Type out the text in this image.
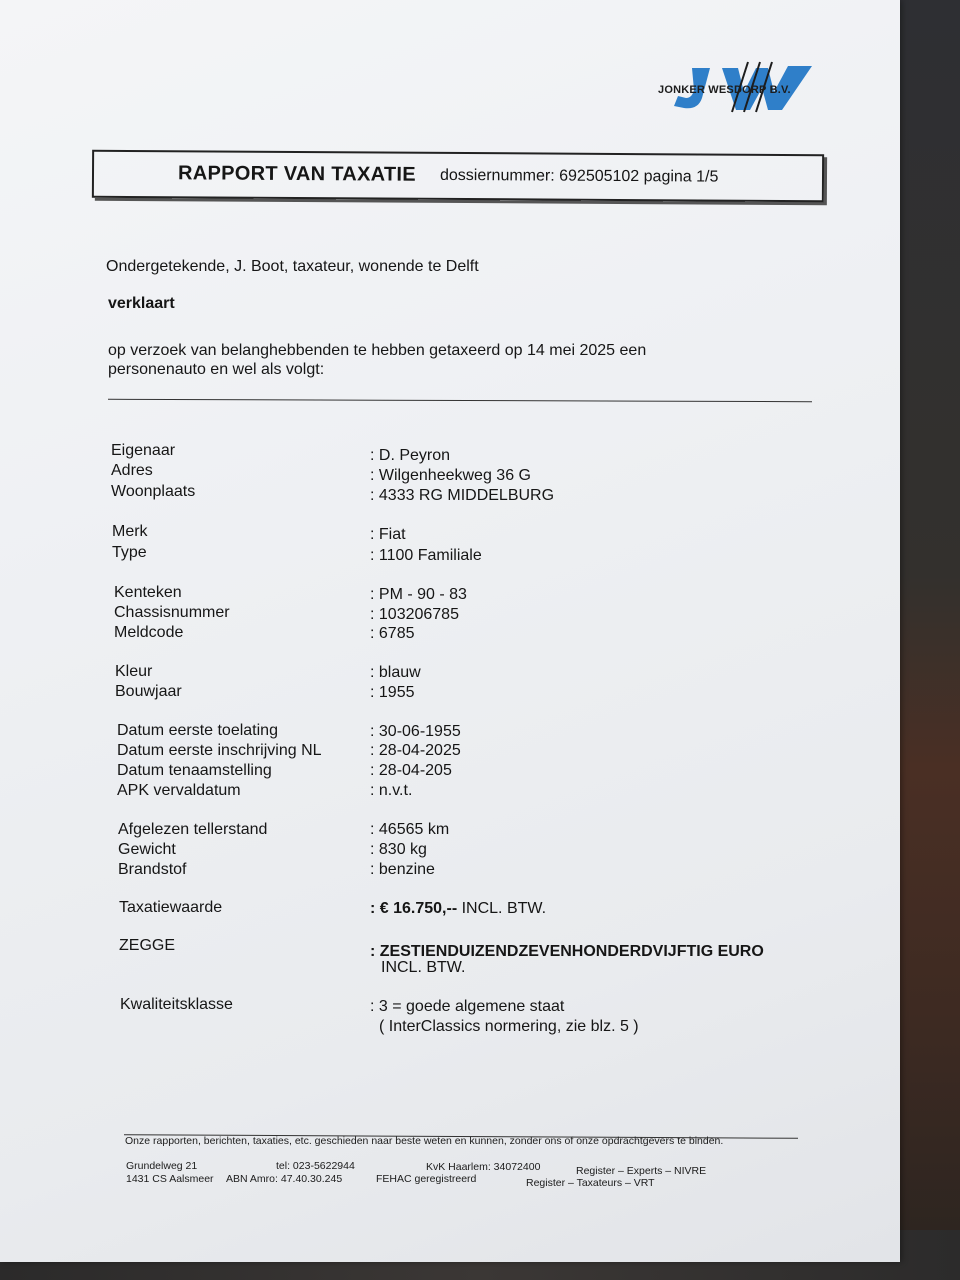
JONKER WESDORP B.V.
RAPPORT VAN TAXATIE dossiernummer: 692505102 pagina 1/5
Ondergetekende, J. Boot, taxateur, wonende te Delft
verklaart
op verzoek van belanghebbenden te hebben getaxeerd op 14 mei 2025 een
personenauto en wel als volgt:
Eigenaar	: D. Peyron
Adres	: Wilgenheekweg 36 G
Woonplaats	: 4333 RG MIDDELBURG
Merk	: Fiat
Type	: 1100 Familiale
Kenteken	: PM - 90 - 83
Chassisnummer	: 103206785
Meldcode	: 6785
Kleur	: blauw
Bouwjaar	: 1955
Datum eerste toelating	: 30-06-1955
Datum eerste inschrijving NL	: 28-04-2025
Datum tenaamstelling	: 28-04-205
APK vervaldatum	: n.v.t.
Afgelezen tellerstand	: 46565 km
Gewicht	: 830 kg
Brandstof	: benzine
Taxatiewaarde	: € 16.750,-- INCL. BTW.
ZEGGE	: ZESTIENDUIZENDZEVENHONDERDVIJFTIG EURO
INCL. BTW.
Kwaliteitsklasse	: 3 = goede algemene staat
( InterClassics normering, zie blz. 5 )
Onze rapporten, berichten, taxaties, etc. geschieden naar beste weten en kunnen, zonder ons of onze opdrachtgevers te binden.
Grundelweg 21	tel: 023-5622944	KvK Haarlem: 34072400	Register – Experts – NIVRE
1431 CS Aalsmeer ABN Amro: 47.40.30.245	FEHAC geregistreerd	Register – Taxateurs – VRT
